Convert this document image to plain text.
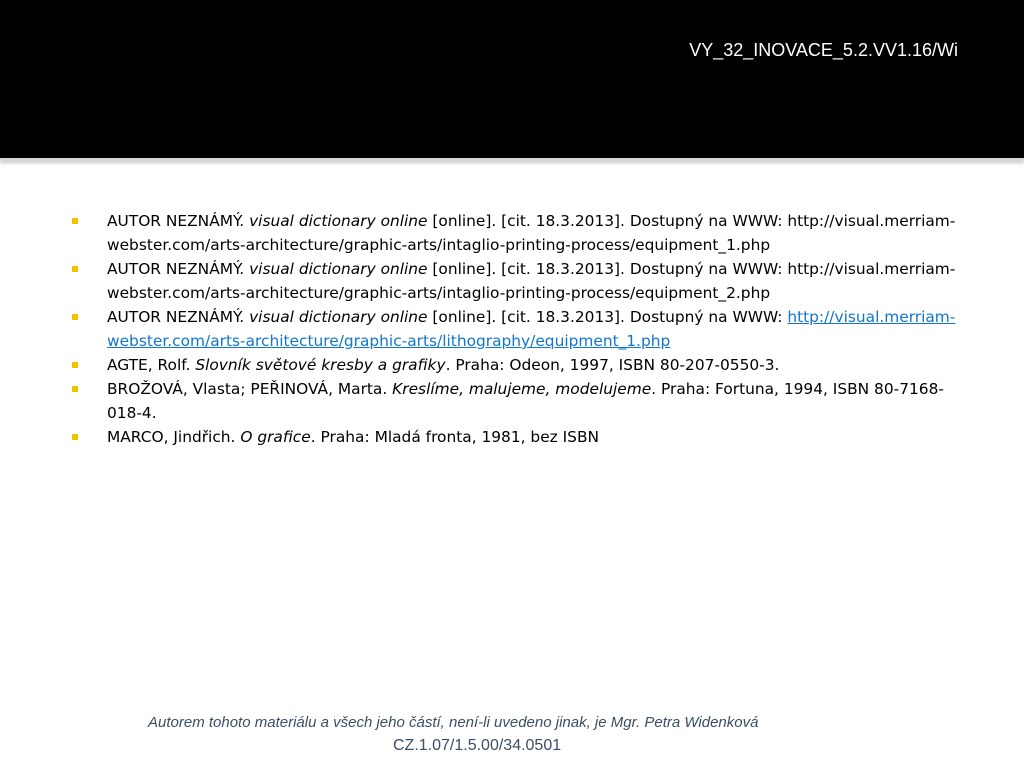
VY_32_INOVACE_5.2.VV1.16/Wi
AUTOR NEZNÁMÝ. visual dictionary online [online]. [cit. 18.3.2013]. Dostupný na WWW: http://visual.merriam-webster.com/arts-architecture/graphic-arts/intaglio-printing-process/equipment_1.php
AUTOR NEZNÁMÝ. visual dictionary online [online]. [cit. 18.3.2013]. Dostupný na WWW: http://visual.merriam-webster.com/arts-architecture/graphic-arts/intaglio-printing-process/equipment_2.php
AUTOR NEZNÁMÝ. visual dictionary online [online]. [cit. 18.3.2013]. Dostupný na WWW: http://visual.merriam-webster.com/arts-architecture/graphic-arts/lithography/equipment_1.php
AGTE, Rolf. Slovník světové kresby a grafiky. Praha: Odeon, 1997, ISBN 80-207-0550-3.
BROŽOVÁ, Vlasta; PEŘINOVÁ, Marta. Kreslíme, malujeme, modelujeme. Praha: Fortuna, 1994, ISBN 80-7168-018-4.
MARCO, Jindřich. O grafice. Praha: Mladá fronta, 1981, bez ISBN
Autorem tohoto materiálu a všech jeho částí, není-li uvedeno jinak, je Mgr. Petra Widenková
CZ.1.07/1.5.00/34.0501
